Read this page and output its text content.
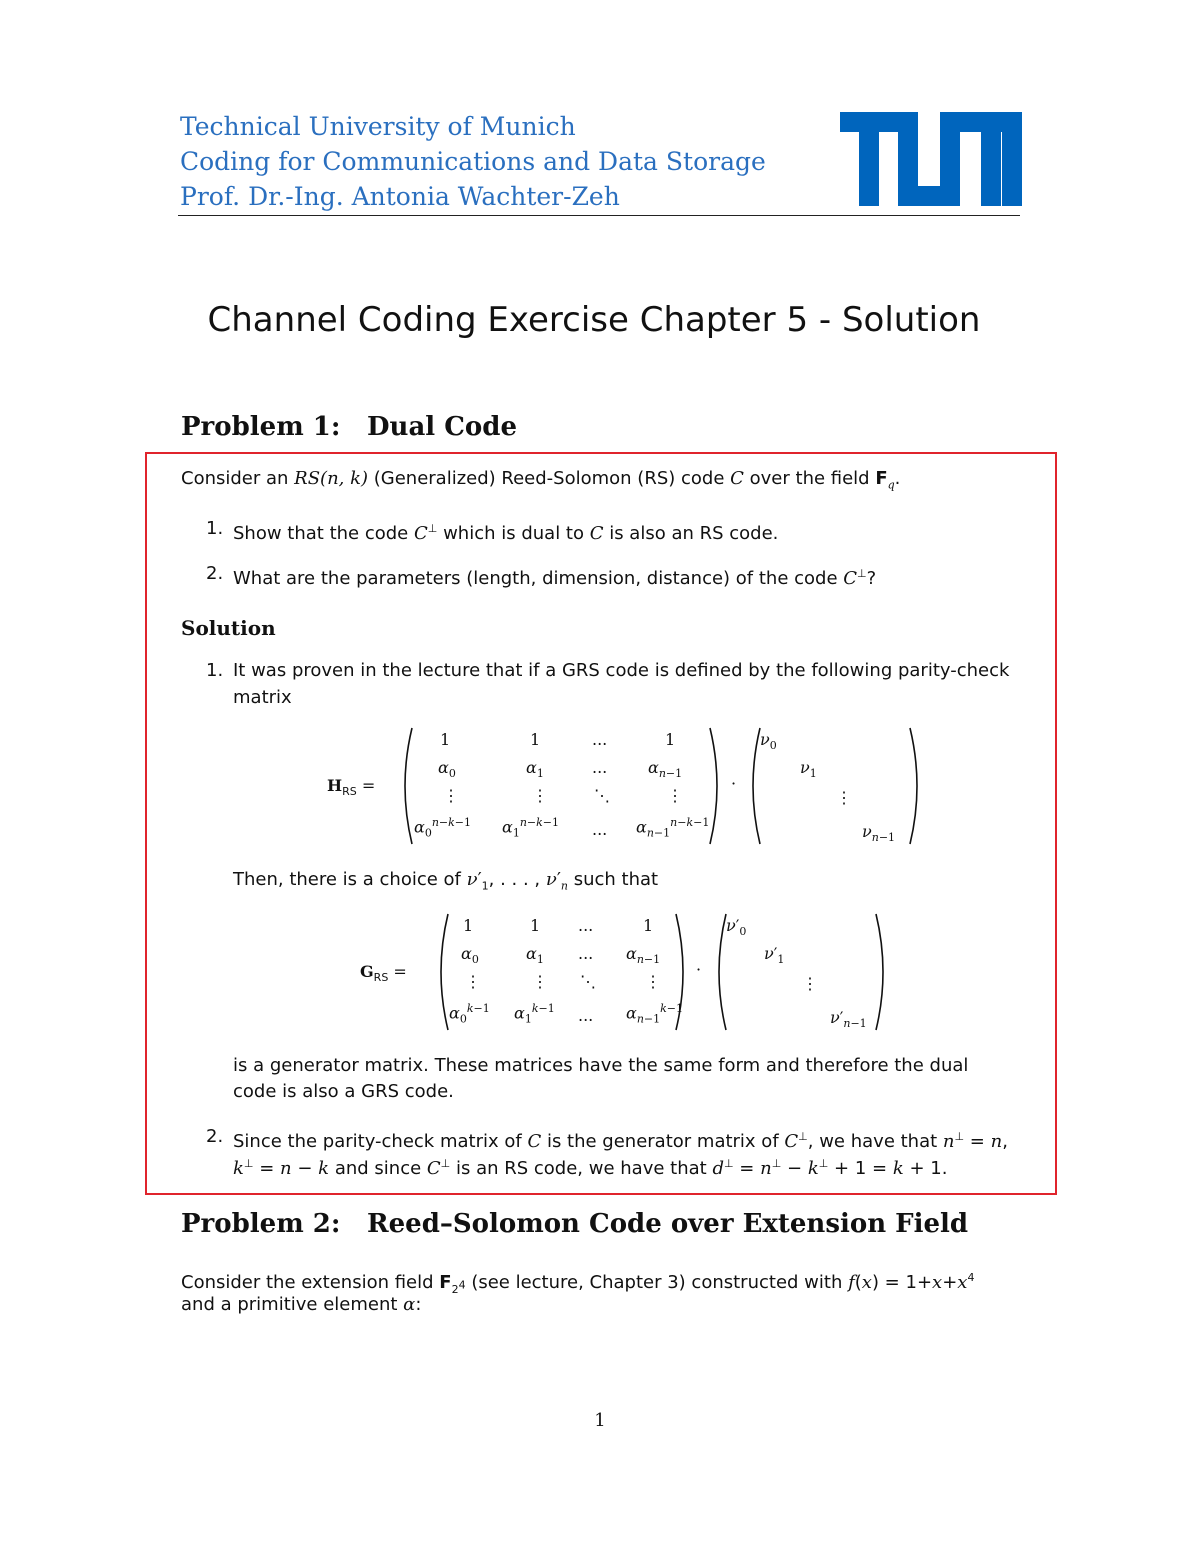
Technical University of Munich
Coding for Communications and Data Storage
Prof. Dr.-Ing. Antonia Wachter-Zeh
Channel Coding Exercise Chapter 5 - Solution
Problem 1: Dual Code
Consider an RS(n, k) (Generalized) Reed-Solomon (RS) code C over the field $F_q$.
1. Show that the code C⊥ which is dual to C is also an RS code.
2. What are the parameters (length, dimension, distance) of the code C⊥?
Solution
1. It was proven in the lecture that if a GRS code is defined by the following parity-check
matrix
$H_{RS}$ =
1	1	...	1
$\alpha_0$	$\alpha_1$	...	$\alpha_{n-1}$
⋮	⋮	⋱	⋮
$\alpha_0^{n-k-1}$ $\alpha_1^{n-k-1}$ ... $\alpha_{n-1}^{n-k-1}$
·
$\nu_0$
$\nu_1$
⋮
$\nu_{n-1}$
Then, there is a choice of $\nu'_1$, . . . , $\nu'_n$ such that
$G_{RS}$ =
1	1 ...	1
$\alpha_0$	$\alpha_1$ ... $\alpha_{n-1}$
⋮	⋮ ⋱	⋮
$\alpha_0^{k-1}$ $\alpha_1^{k-1}$ ... $\alpha_{n-1}^{k-1}$
·
$\nu'_0$
$\nu'_1$
⋮
$\nu'_{n-1}$
is a generator matrix. These matrices have the same form and therefore the dual
code is also a GRS code.
2. Since the parity-check matrix of C is the generator matrix of C⊥, we have that n⊥ = n,
k⊥ = n − k and since C⊥ is an RS code, we have that d⊥ = n⊥ − k⊥ + 1 = k + 1.
Problem 2: Reed–Solomon Code over Extension Field
Consider the extension field $F_{2^4}$ (see lecture, Chapter 3) constructed with $f(x) = 1+x+x^4$
and a primitive element α:
1
